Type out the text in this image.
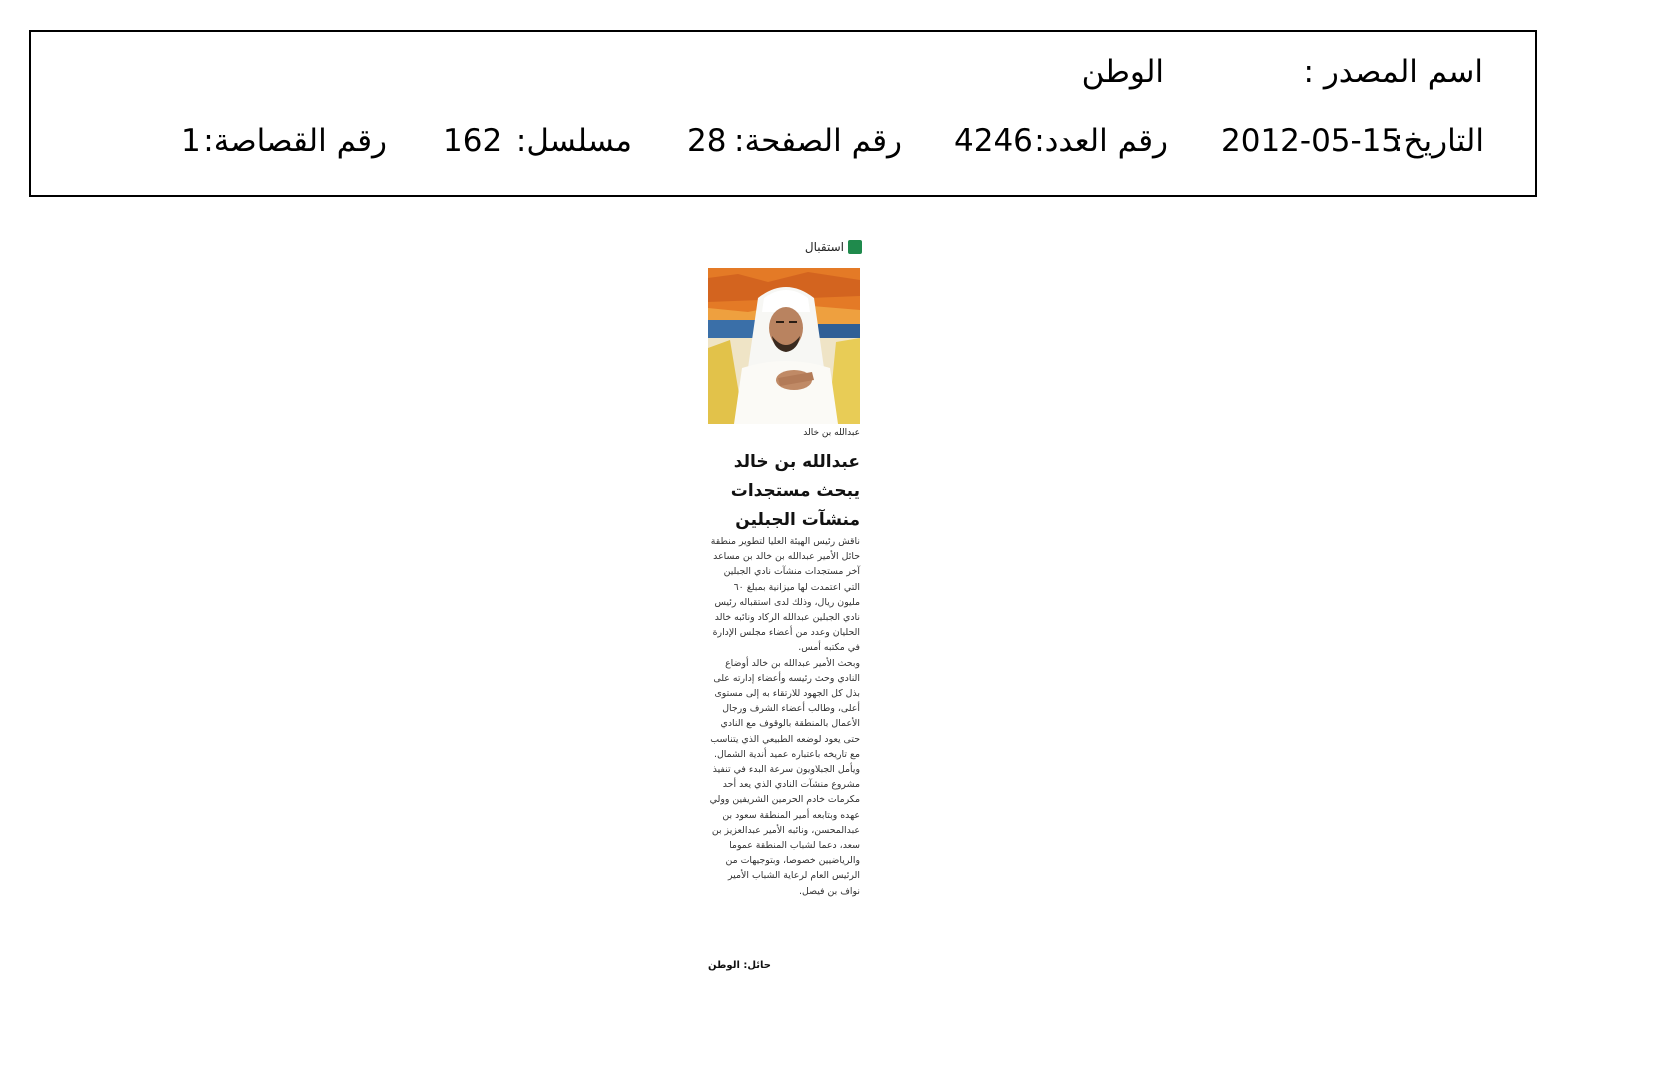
اسم المصدر :
الوطن
التاريخ:
2012-05-15
رقم العدد:
4246
رقم الصفحة:
28
مسلسل:
162
رقم القصاصة:
1
استقبال
عبدالله بن خالد
عبدالله بن خالد يبحث مستجدات منشآت الجبلين

ناقش رئيس الهيئة العليا لتطوير منطقة حائل الأمير عبدالله بن خالد بن مساعد آخر مستجدات منشآت نادي الجبلين التي اعتمدت لها ميزانية بمبلغ ٦٠ مليون ريال، وذلك لدى استقباله رئيس نادي الجبلين عبدالله الركاد ونائبه خالد الحليان وعدد من أعضاء مجلس الإدارة في مكتبه أمس.

وبحث الأمير عبدالله بن خالد أوضاع النادي وحث رئيسه وأعضاء إدارته على بذل كل الجهود للارتقاء به إلى مستوى أعلى، وطالب أعضاء الشرف ورجال الأعمال بالمنطقة بالوقوف مع النادي حتى يعود لوضعه الطبيعي الذي يتناسب مع تاريخه باعتباره عميد أندية الشمال.

ويأمل الجبلاويون سرعة البدء في تنفيذ مشروع منشآت النادي الذي يعد أحد مكرمات خادم الحرمين الشريفين وولي عهده وبتابعه أمير المنطقة سعود بن عبدالمحسن، ونائبه الأمير عبدالعزيز بن سعد، دعما لشباب المنطقة عموما والرياضيين خصوصا، وبتوجيهات من الرئيس العام لرعاية الشباب الأمير نواف بن فيصل.

حائل: الوطن
